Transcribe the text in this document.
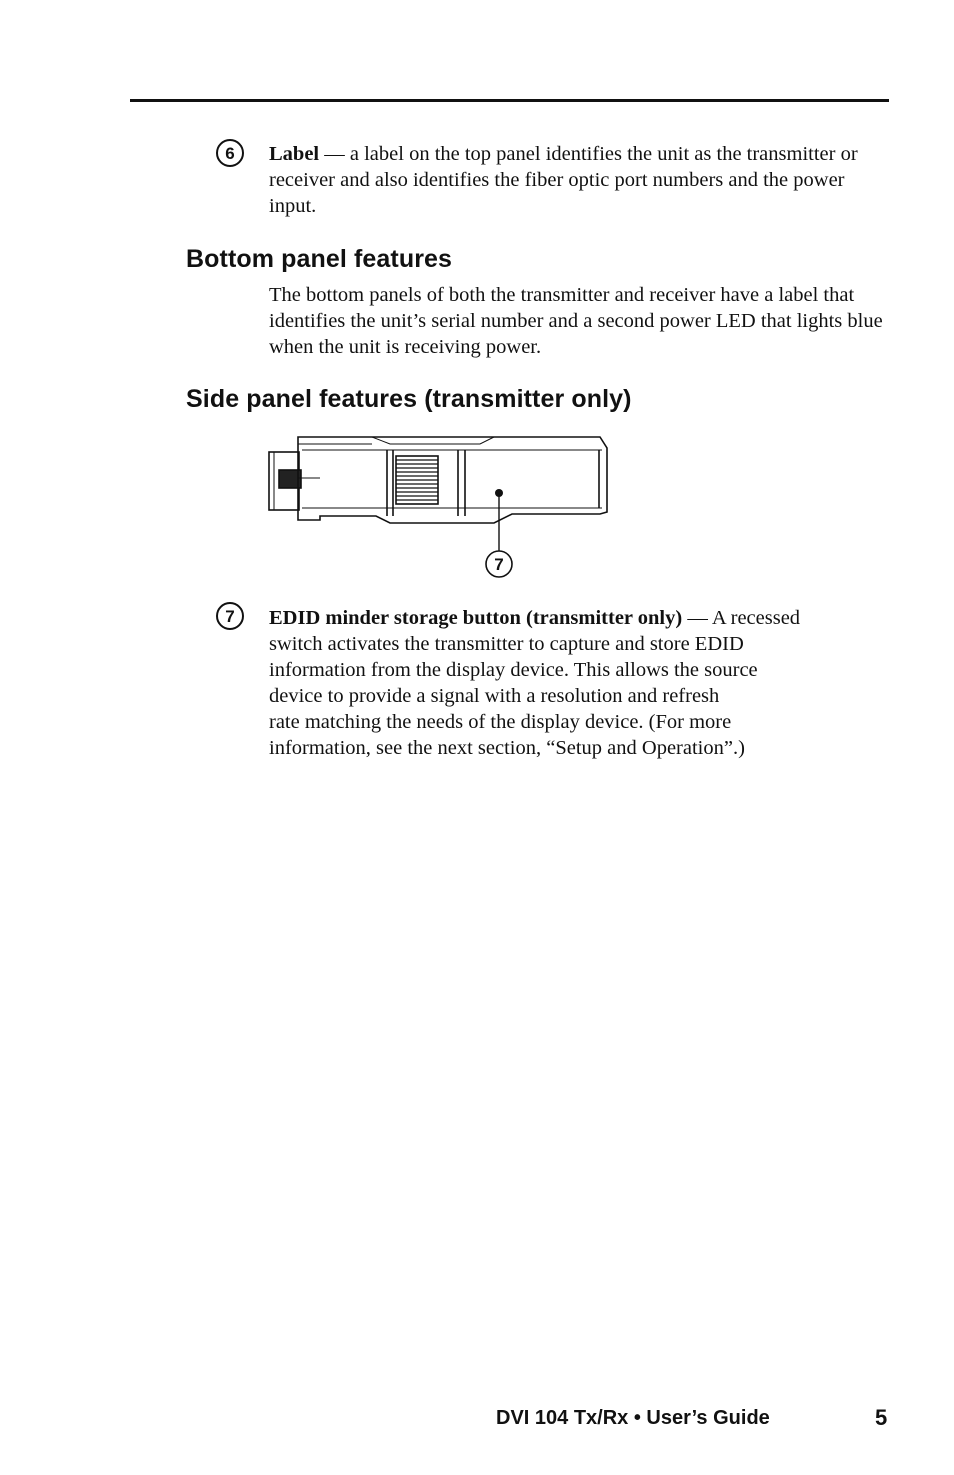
6 Label — a label on the top panel identifies the unit as the transmitter or receiver and also identifies the fiber optic port numbers and the power input.

Bottom panel features

The bottom panels of both the transmitter and receiver have a label that identifies the unit’s serial number and a second power LED that lights blue when the unit is receiving power.

Side panel features (transmitter only)
7
7 EDID minder storage button (transmitter only) — A recessed
switch activates the transmitter to capture and store EDID
information from the display device. This allows the source
device to provide a signal with a resolution and refresh
rate matching the needs of the display device. (For more
information, see the next section, “Setup and Operation”.)
DVI 104 Tx/Rx • User’s Guide	5
